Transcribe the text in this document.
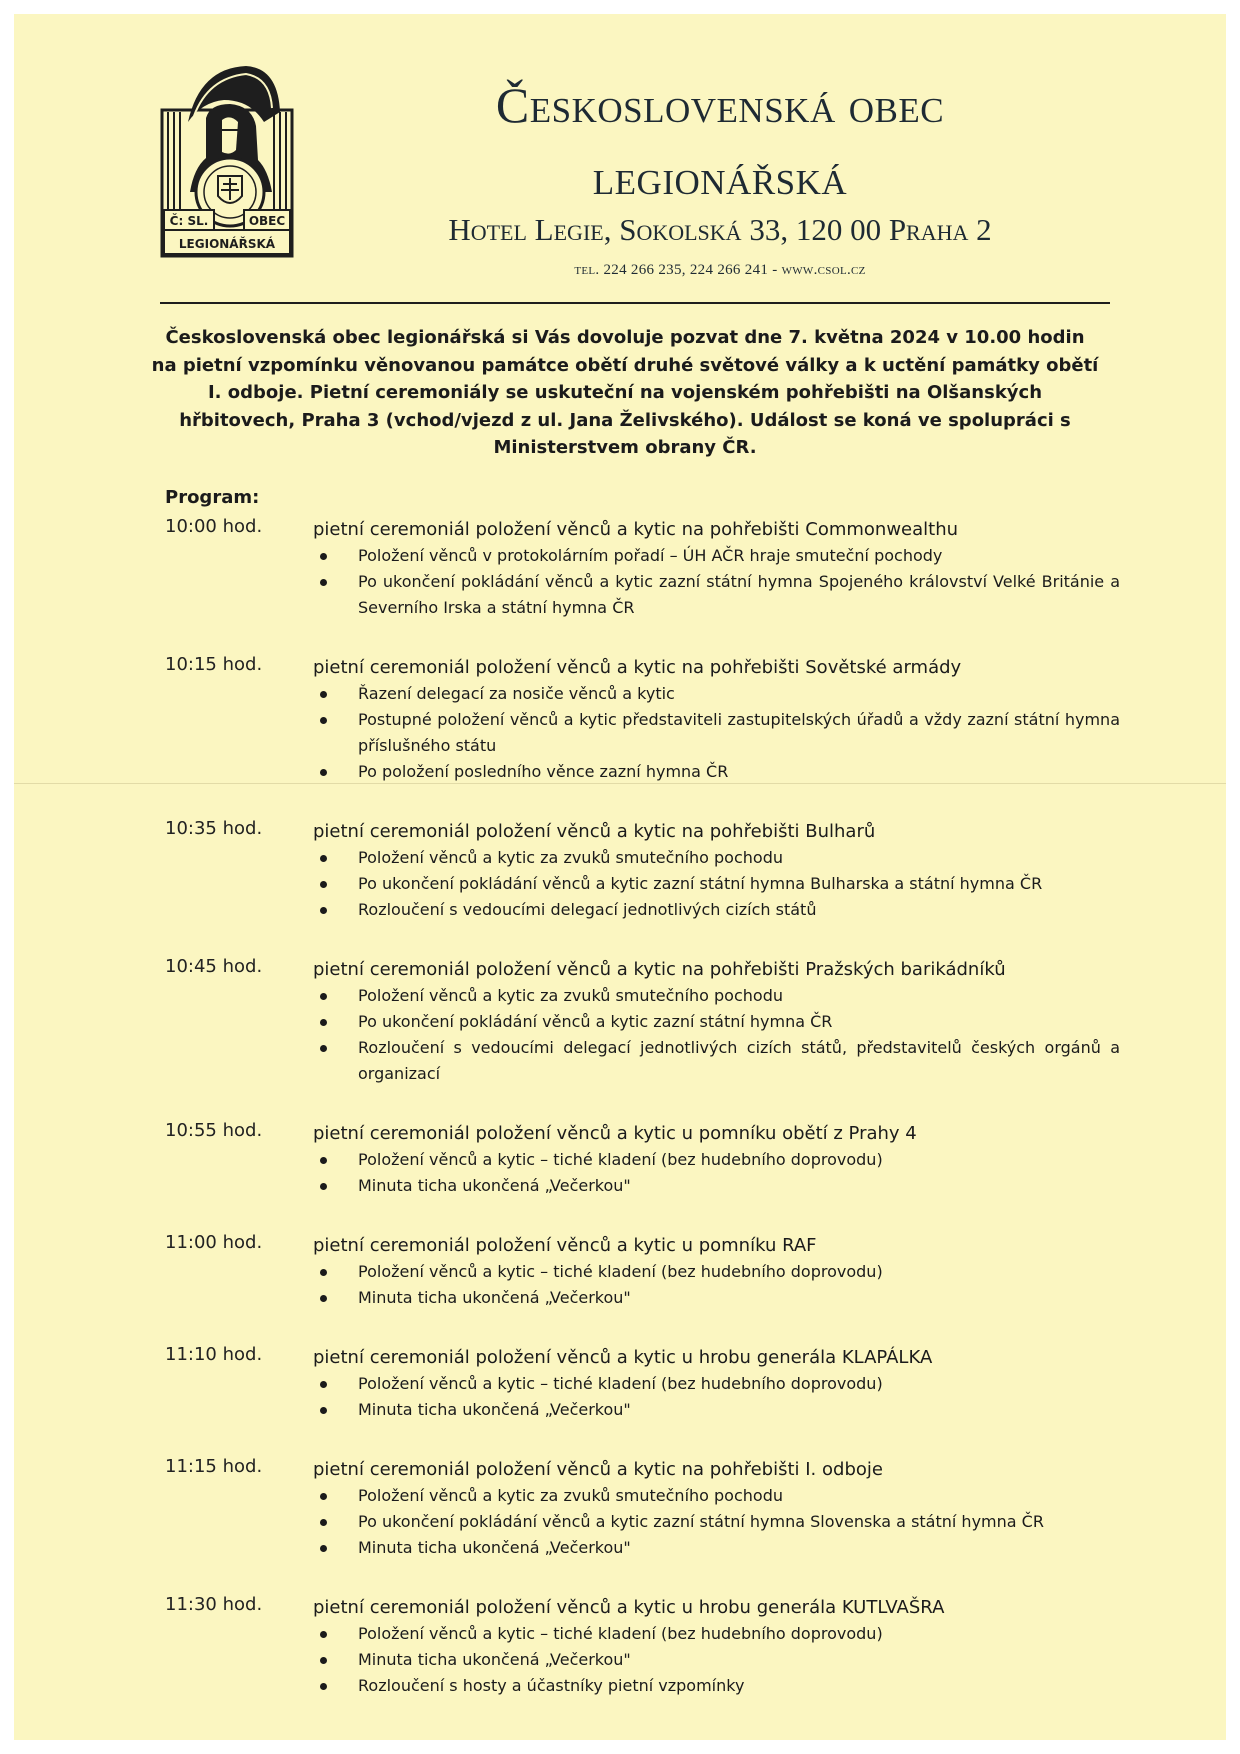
Č: SL.	OBEC
LEGIONÁŘSKÁ
Československá obec
legionářská
Hotel Legie, Sokolská 33, 120 00 Praha 2
tel. 224 266 235, 224 266 241 - www.csol.cz
Československá obec legionářská si Vás dovoluje pozvat dne 7. května 2024 v 10.00 hodin na pietní vzpomínku věnovanou památce obětí druhé světové války a k uctění památky obětí I. odboje. Pietní ceremoniály se uskuteční na vojenském pohřebišti na Olšanských hřbitovech, Praha 3 (vchod/vjezd z ul. Jana Želivského). Událost se koná ve spolupráci s Ministerstvem obrany ČR.
Program:
10:00 hod.	pietní ceremoniál položení věnců a kytic na pohřebišti Commonwealthu
Položení věnců v protokolárním pořadí – ÚH AČR hraje smuteční pochody
Po ukončení pokládání věnců a kytic zazní státní hymna Spojeného království Velké Británie a Severního Irska a státní hymna ČR
10:15 hod.	pietní ceremoniál položení věnců a kytic na pohřebišti Sovětské armády
Řazení delegací za nosiče věnců a kytic
Postupné položení věnců a kytic představiteli zastupitelských úřadů a vždy zazní státní hymna příslušného státu
Po položení posledního věnce zazní hymna ČR
10:35 hod.	pietní ceremoniál položení věnců a kytic na pohřebišti Bulharů
Položení věnců a kytic za zvuků smutečního pochodu
Po ukončení pokládání věnců a kytic zazní státní hymna Bulharska a státní hymna ČR
Rozloučení s vedoucími delegací jednotlivých cizích států
10:45 hod.	pietní ceremoniál položení věnců a kytic na pohřebišti Pražských barikádníků
Položení věnců a kytic za zvuků smutečního pochodu
Po ukončení pokládání věnců a kytic zazní státní hymna ČR
Rozloučení s vedoucími delegací jednotlivých cizích států, představitelů českých orgánů a organizací
10:55 hod.	pietní ceremoniál položení věnců a kytic u pomníku obětí z Prahy 4
Položení věnců a kytic – tiché kladení (bez hudebního doprovodu)
Minuta ticha ukončená „Večerkou"
11:00 hod.	pietní ceremoniál položení věnců a kytic u pomníku RAF
Položení věnců a kytic – tiché kladení (bez hudebního doprovodu)
Minuta ticha ukončená „Večerkou"
11:10 hod.	pietní ceremoniál položení věnců a kytic u hrobu generála KLAPÁLKA
Položení věnců a kytic – tiché kladení (bez hudebního doprovodu)
Minuta ticha ukončená „Večerkou"
11:15 hod.	pietní ceremoniál položení věnců a kytic na pohřebišti I. odboje
Položení věnců a kytic za zvuků smutečního pochodu
Po ukončení pokládání věnců a kytic zazní státní hymna Slovenska a státní hymna ČR
Minuta ticha ukončená „Večerkou"
11:30 hod.	pietní ceremoniál položení věnců a kytic u hrobu generála KUTLVAŠRA
Položení věnců a kytic – tiché kladení (bez hudebního doprovodu)
Minuta ticha ukončená „Večerkou"
Rozloučení s hosty a účastníky pietní vzpomínky
